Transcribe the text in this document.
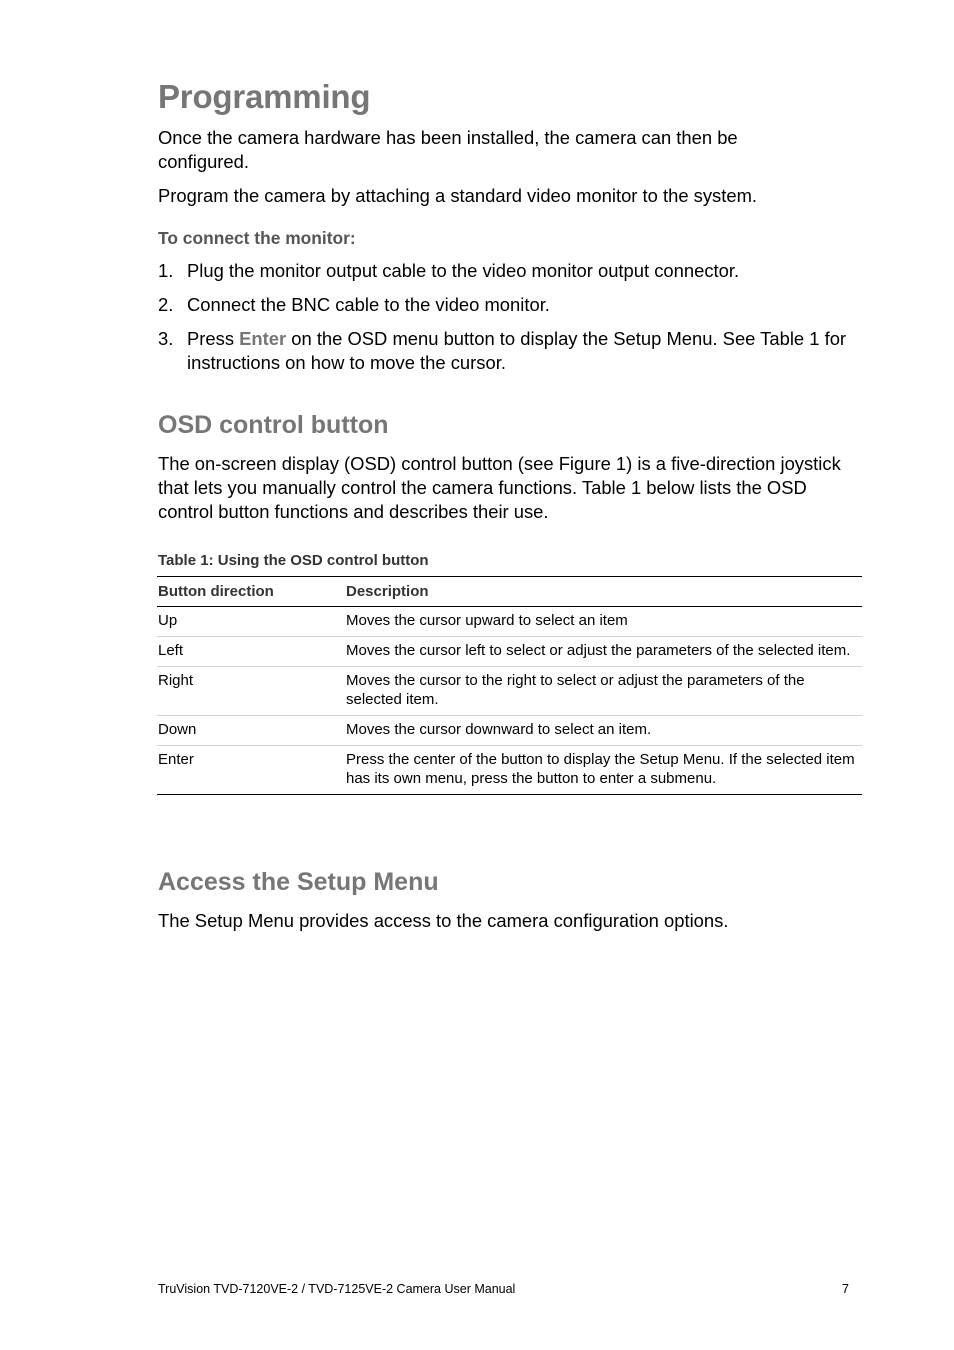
Programming

Once the camera hardware has been installed, the camera can then be configured.

Program the camera by attaching a standard video monitor to the system.

To connect the monitor:
1. Plug the monitor output cable to the video monitor output connector.
2. Connect the BNC cable to the video monitor.
3. Press Enter on the OSD menu button to display the Setup Menu. See Table 1 for instructions on how to move the cursor.
OSD control button

The on-screen display (OSD) control button (see Figure 1) is a five-direction joystick that lets you manually control the camera functions. Table 1 below lists the OSD control button functions and describes their use.

Table 1: Using the OSD control button
Button direction	Description
Up	Moves the cursor upward to select an item
Left	Moves the cursor left to select or adjust the parameters of the selected item.
Right	Moves the cursor to the right to select or adjust the parameters of the selected item.
Down	Moves the cursor downward to select an item.
Enter	Press the center of the button to display the Setup Menu. If the selected item has its own menu, press the button to enter a submenu.
Access the Setup Menu

The Setup Menu provides access to the camera configuration options.

TruVision TVD-7120VE-2 / TVD-7125VE-2 Camera User Manual	7
